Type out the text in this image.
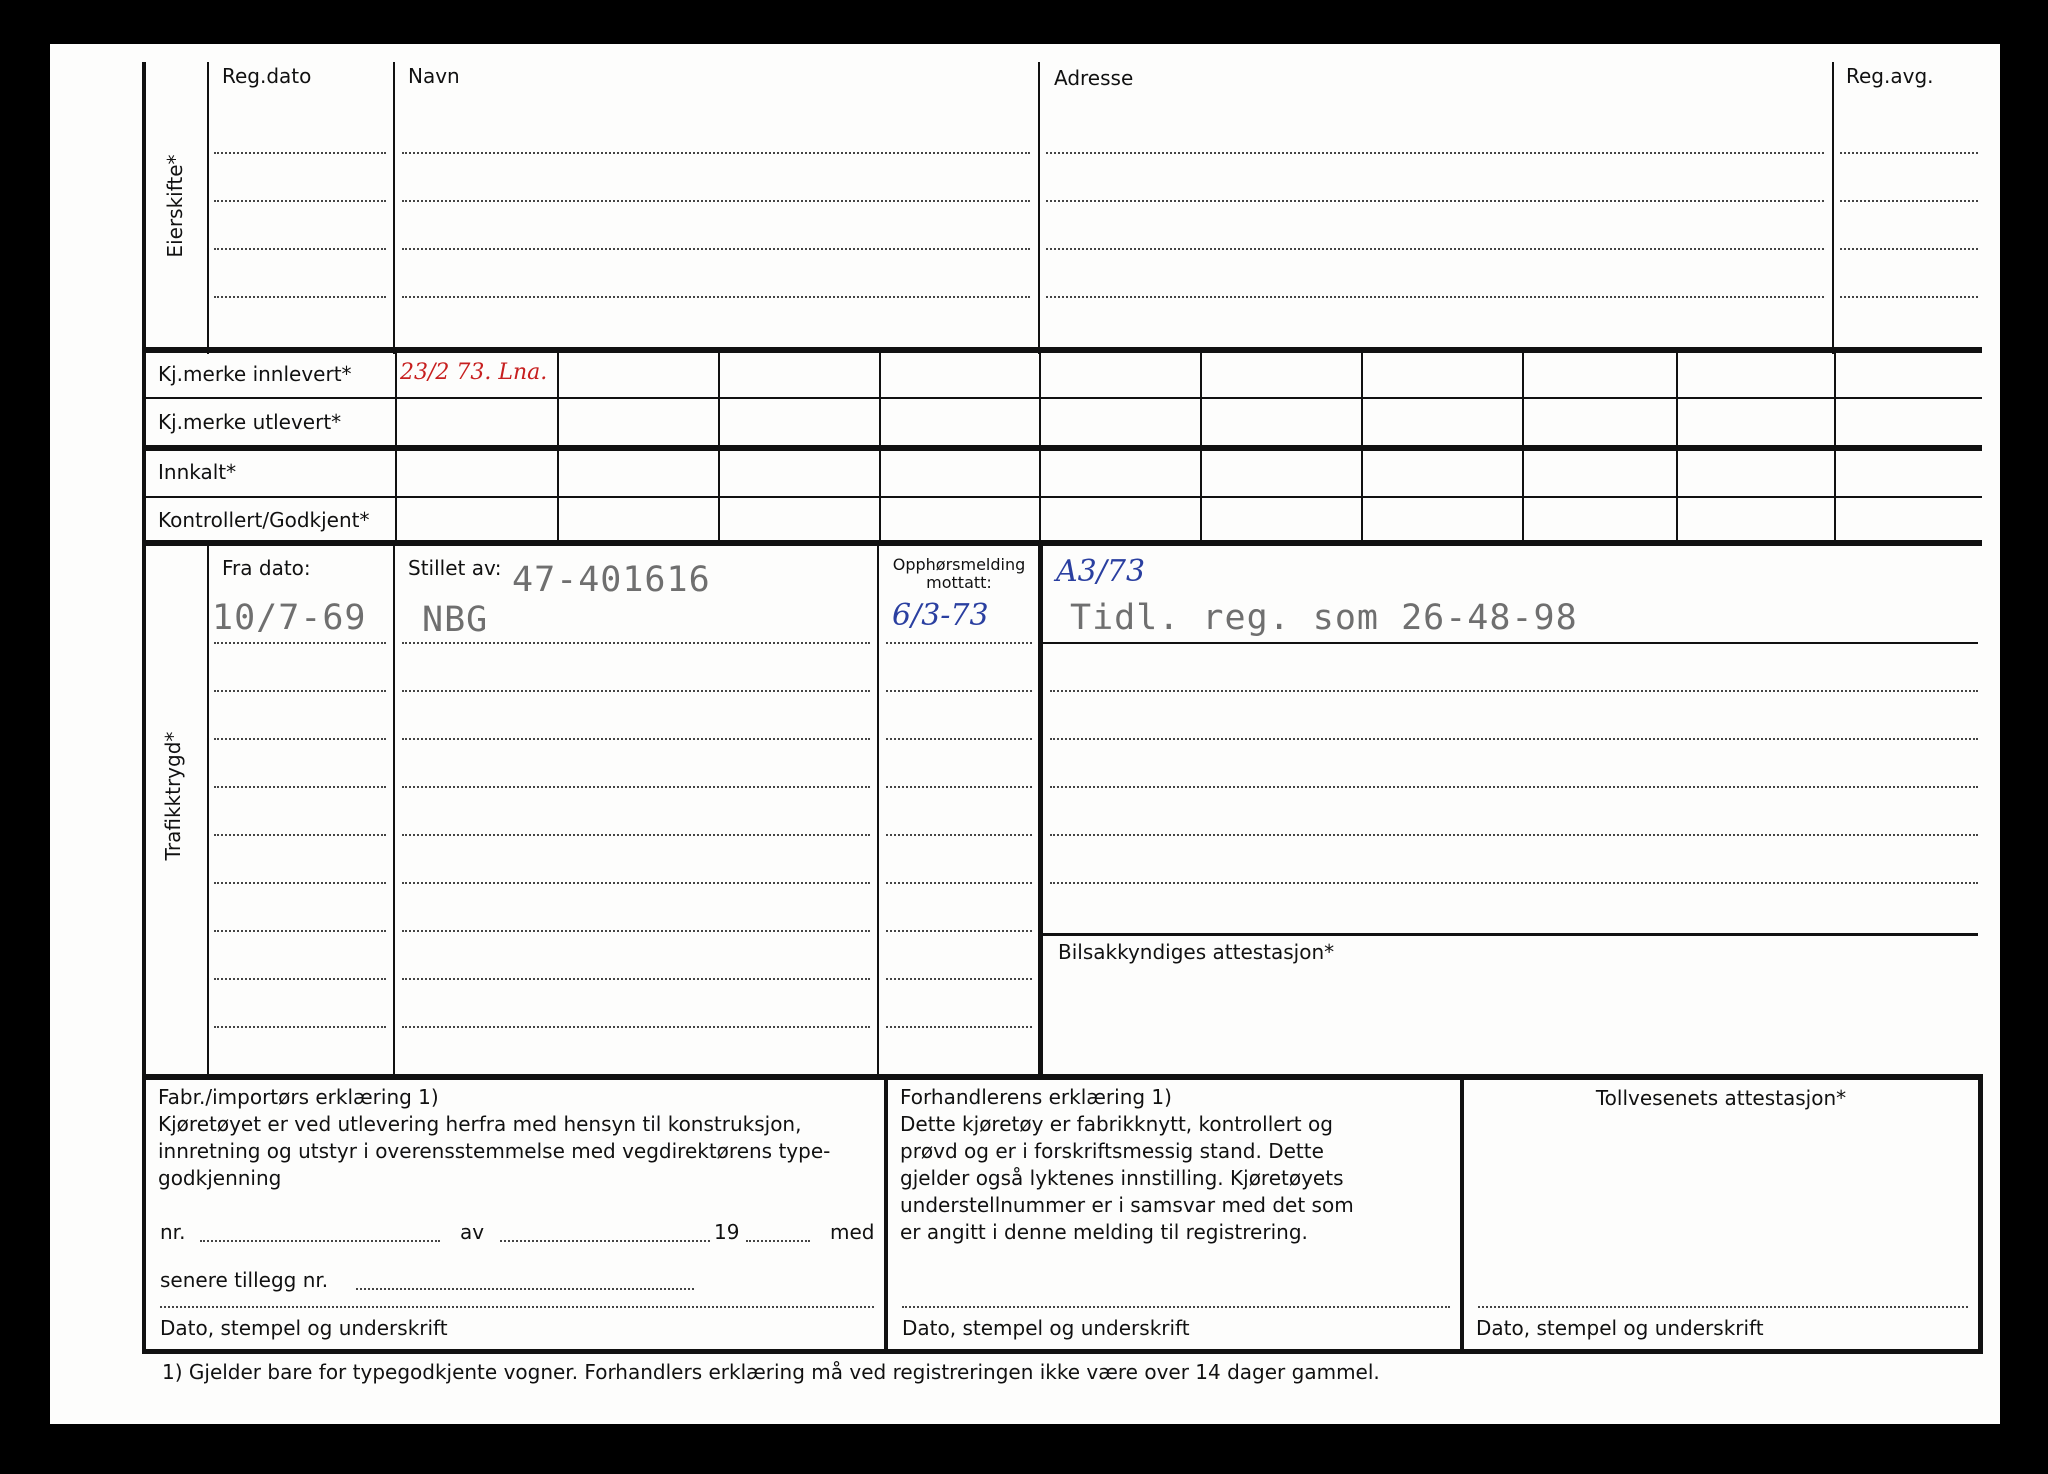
Eierskifte*
Reg.dato	Navn	Adresse	Reg.avg.
Kj.merke innlevert* 23/2 73. Lna.
Kj.merke utlevert*
Innkalt*
Kontrollert/Godkjent*
Trafikktrygd*
Fra dato:
10/7-69
Stillet av: 47-401616
NBG
Opphørsmelding
mottatt:
6/3-73
A3/73
Tidl. reg. som 26-48-98
Bilsakkyndiges attestasjon*
Fabr./importørs erklæring 1)
Kjøretøyet er ved utlevering herfra med hensyn til konstruksjon,
innretning og utstyr i overensstemmelse med vegdirektørens type-
godkjenning
nr.	av	19	med
senere tillegg nr.
Dato, stempel og underskrift
Forhandlerens erklæring 1)
Dette kjøretøy er fabrikknytt, kontrollert og
prøvd og er i forskriftsmessig stand. Dette
gjelder også lyktenes innstilling. Kjøretøyets
understellnummer er i samsvar med det som
er angitt i denne melding til registrering.
Dato, stempel og underskrift
Tollvesenets attestasjon*
Dato, stempel og underskrift
1) Gjelder bare for typegodkjente vogner. Forhandlers erklæring må ved registreringen ikke være over 14 dager gammel.
